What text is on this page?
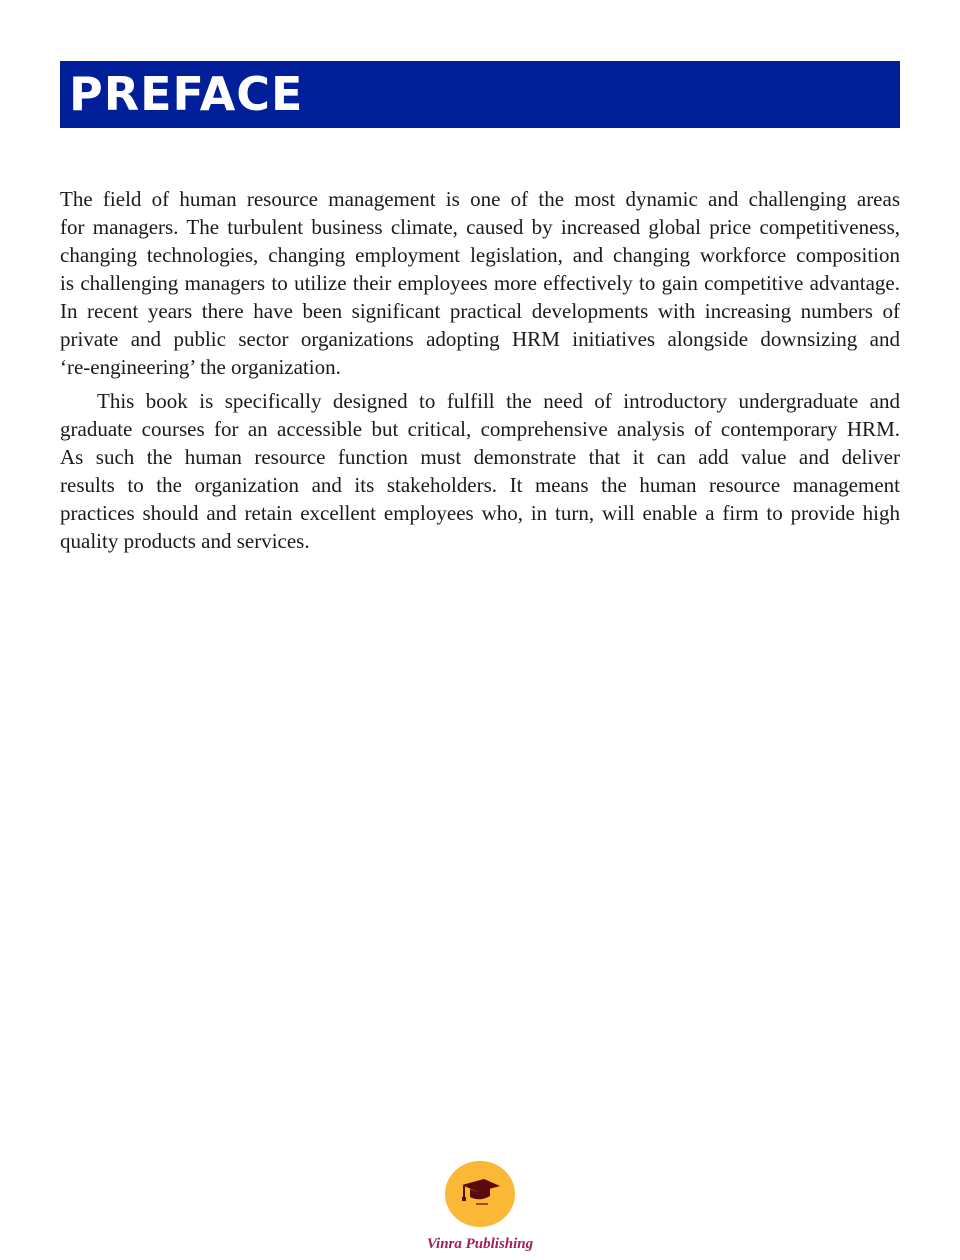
PREFACE
The field of human resource management is one of the most dynamic and challenging areas
for managers. The turbulent business climate, caused by increased global price competitiveness,
changing technologies, changing employment legislation, and changing workforce composition
is challenging managers to utilize their employees more effectively to gain competitive advantage.
In recent years there have been significant practical developments with increasing numbers of
private and public sector organizations adopting HRM initiatives alongside downsizing and
‘re-engineering’ the organization.
This book is specifically designed to fulfill the need of introductory undergraduate and
graduate courses for an accessible but critical, comprehensive analysis of contemporary HRM.
As such the human resource function must demonstrate that it can add value and deliver
results to the organization and its stakeholders. It means the human resource management
practices should and retain excellent employees who, in turn, will enable a firm to provide high
quality products and services.
Vinra Publishing
